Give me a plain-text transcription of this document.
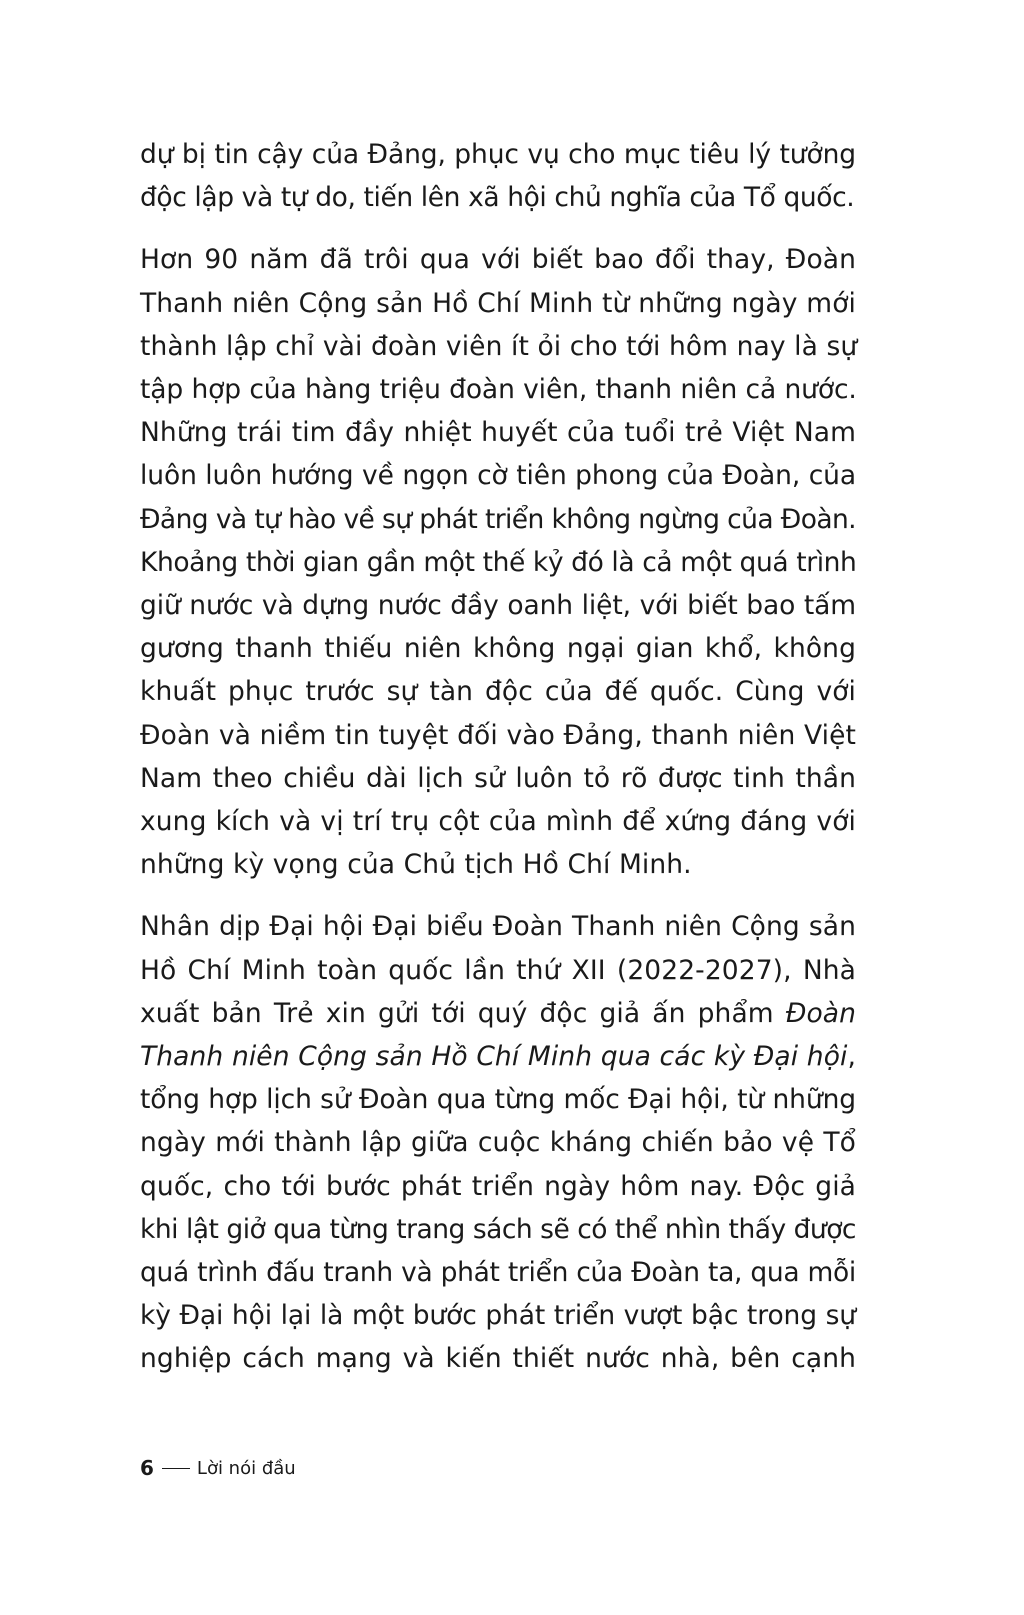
dự bị tin cậy của Đảng, phục vụ cho mục tiêu lý tưởng
độc lập và tự do, tiến lên xã hội chủ nghĩa của Tổ quốc.
Hơn 90 năm đã trôi qua với biết bao đổi thay, Đoàn
Thanh niên Cộng sản Hồ Chí Minh từ những ngày mới
thành lập chỉ vài đoàn viên ít ỏi cho tới hôm nay là sự
tập hợp của hàng triệu đoàn viên, thanh niên cả nước.
Những trái tim đầy nhiệt huyết của tuổi trẻ Việt Nam
luôn luôn hướng về ngọn cờ tiên phong của Đoàn, của
Đảng và tự hào về sự phát triển không ngừng của Đoàn.
Khoảng thời gian gần một thế kỷ đó là cả một quá trình
giữ nước và dựng nước đầy oanh liệt, với biết bao tấm
gương thanh thiếu niên không ngại gian khổ, không
khuất phục trước sự tàn độc của đế quốc. Cùng với
Đoàn và niềm tin tuyệt đối vào Đảng, thanh niên Việt
Nam theo chiều dài lịch sử luôn tỏ rõ được tinh thần
xung kích và vị trí trụ cột của mình để xứng đáng với
những kỳ vọng của Chủ tịch Hồ Chí Minh.
Nhân dịp Đại hội Đại biểu Đoàn Thanh niên Cộng sản
Hồ Chí Minh toàn quốc lần thứ XII (2022-2027), Nhà
xuất bản Trẻ xin gửi tới quý độc giả ấn phẩm Đoàn
Thanh niên Cộng sản Hồ Chí Minh qua các kỳ Đại hội,
tổng hợp lịch sử Đoàn qua từng mốc Đại hội, từ những
ngày mới thành lập giữa cuộc kháng chiến bảo vệ Tổ
quốc, cho tới bước phát triển ngày hôm nay. Độc giả
khi lật giở qua từng trang sách sẽ có thể nhìn thấy được
quá trình đấu tranh và phát triển của Đoàn ta, qua mỗi
kỳ Đại hội lại là một bước phát triển vượt bậc trong sự
nghiệp cách mạng và kiến thiết nước nhà, bên cạnh
6 Lời nói đầu
